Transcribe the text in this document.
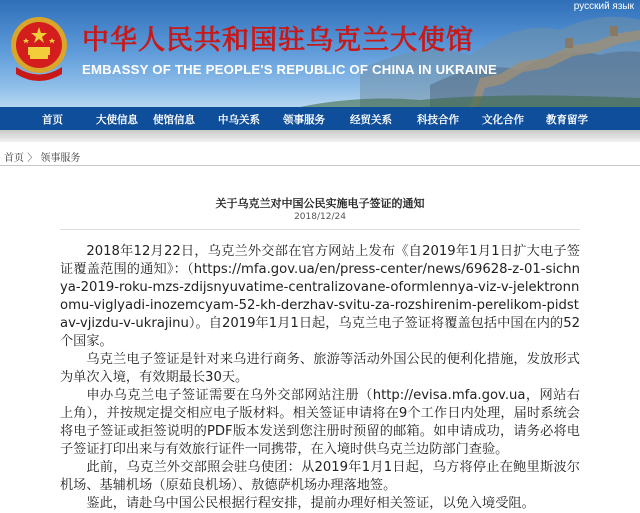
中华人民共和国驻乌克兰大使馆
EMBASSY OF THE PEOPLE'S REPUBLIC OF CHINA IN UKRAINE
русский язык
首页	大使信息 使馆信息 中乌关系 领事服务 经贸关系 科技合作 文化合作 教育留学
首页 〉 领事服务
关于乌克兰对中国公民实施电子签证的通知
2018/12/24

2018年12月22日，乌克兰外交部在官方网站上发布《自2019年1月1日扩大电子签证覆盖范围的通知》：（https://mfa.gov.ua/en/press-center/news/69628-z-01-sichnya-2019-roku-mzs-zdijsnyuvatime-centralizovane-oformlennya-viz-v-jelektronnomu-viglyadi-inozemcyam-52-kh-derzhav-svitu-za-rozshirenim-perelikom-pidstav-vjizdu-v-ukrajinu）。自2019年1月1日起，乌克兰电子签证将覆盖包括中国在内的52个国家。

乌克兰电子签证是针对来乌进行商务、旅游等活动外国公民的便利化措施，发放形式为单次入境，有效期最长30天。

申办乌克兰电子签证需要在乌外交部网站注册（http://evisa.mfa.gov.ua，网站右上角），并按规定提交相应电子版材料。相关签证申请将在9个工作日内处理，届时系统会将电子签证或拒签说明的PDF版本发送到您注册时预留的邮箱。如申请成功，请务必将电子签证打印出来与有效旅行证件一同携带，在入境时供乌克兰边防部门查验。

此前，乌克兰外交部照会驻乌使团：从2019年1月1日起，乌方将停止在鲍里斯波尔机场、基辅机场（原茹良机场）、敖德萨机场办理落地签。

鉴此，请赴乌中国公民根据行程安排，提前办理好相关签证，以免入境受阻。
